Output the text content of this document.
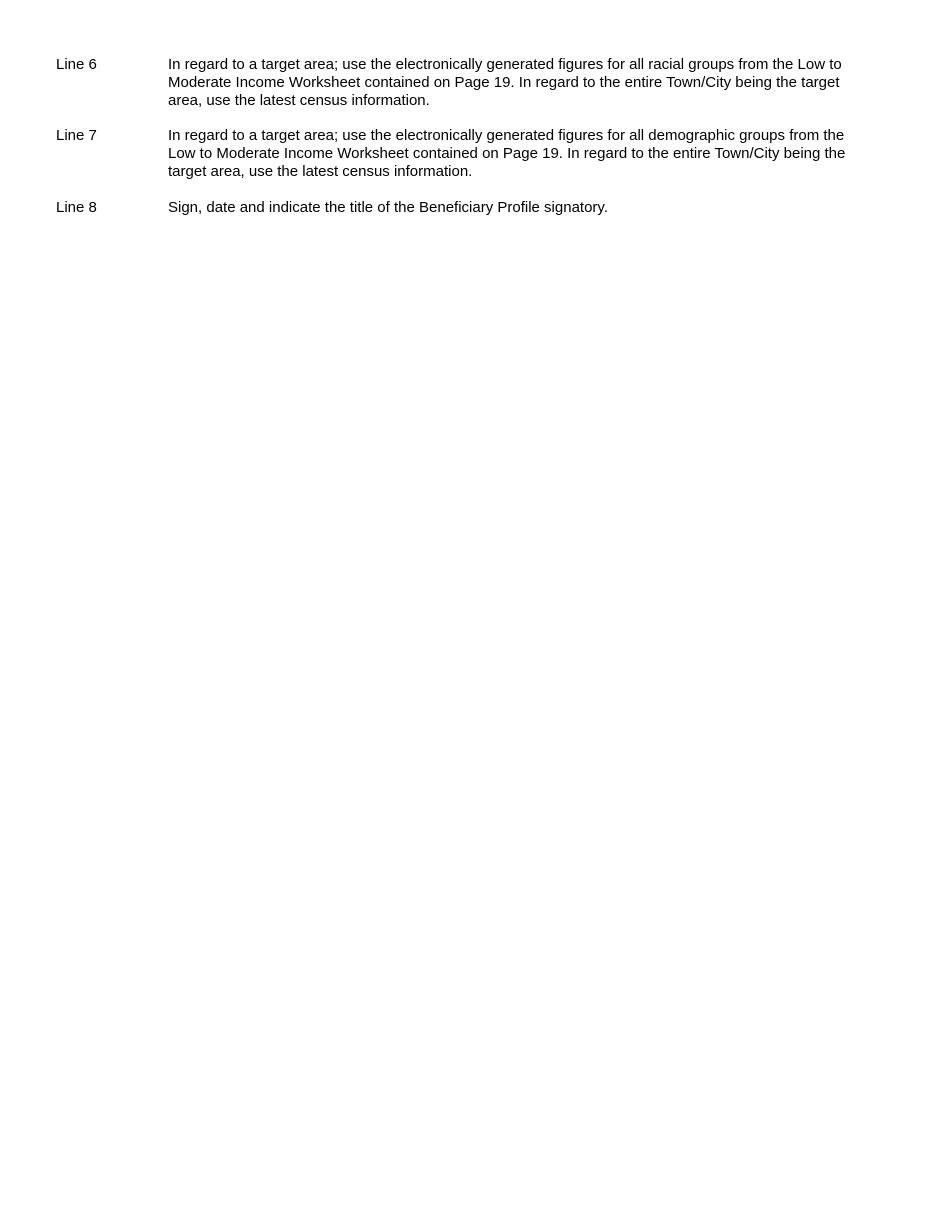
Line 6	In regard to a target area; use the electronically generated figures for all racial groups from the Low to
Moderate Income Worksheet contained on Page 19. In regard to the entire Town/City being the target
area, use the latest census information.
Line 7	In regard to a target area; use the electronically generated figures for all demographic groups from the
Low to Moderate Income Worksheet contained on Page 19. In regard to the entire Town/City being the
target area, use the latest census information.
Line 8	Sign, date and indicate the title of the Beneficiary Profile signatory.
